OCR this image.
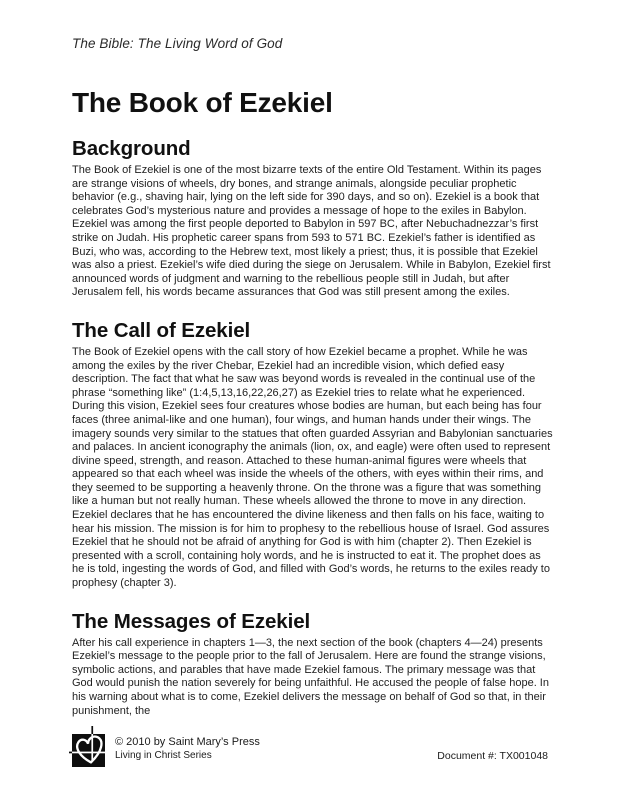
The Bible: The Living Word of God
The Book of Ezekiel
Background

The Book of Ezekiel is one of the most bizarre texts of the entire Old Testament. Within its pages are strange visions of wheels, dry bones, and strange animals, alongside peculiar prophetic behavior (e.g., shaving hair, lying on the left side for 390 days, and so on). Ezekiel is a book that celebrates God’s mysterious nature and provides a message of hope to the exiles in Babylon. Ezekiel was among the first people deported to Babylon in 597 BC, after Nebuchadnezzar’s first strike on Judah. His prophetic career spans from 593 to 571 BC. Ezekiel’s father is identified as Buzi, who was, according to the Hebrew text, most likely a priest; thus, it is possible that Ezekiel was also a priest. Ezekiel’s wife died during the siege on Jerusalem. While in Babylon, Ezekiel first announced words of judgment and warning to the rebellious people still in Judah, but after Jerusalem fell, his words became assurances that God was still present among the exiles.

The Call of Ezekiel

The Book of Ezekiel opens with the call story of how Ezekiel became a prophet. While he was among the exiles by the river Chebar, Ezekiel had an incredible vision, which defied easy description. The fact that what he saw was beyond words is revealed in the continual use of the phrase “something like” (1:4,5,13,16,22,26,27) as Ezekiel tries to relate what he experienced. During this vision, Ezekiel sees four creatures whose bodies are human, but each being has four faces (three animal-like and one human), four wings, and human hands under their wings. The imagery sounds very similar to the statues that often guarded Assyrian and Babylonian sanctuaries and palaces. In ancient iconography the animals (lion, ox, and eagle) were often used to represent divine speed, strength, and reason. Attached to these human-animal figures were wheels that appeared so that each wheel was inside the wheels of the others, with eyes within their rims, and they seemed to be supporting a heavenly throne. On the throne was a figure that was something like a human but not really human. These wheels allowed the throne to move in any direction. Ezekiel declares that he has encountered the divine likeness and then falls on his face, waiting to hear his mission. The mission is for him to prophesy to the rebellious house of Israel. God assures Ezekiel that he should not be afraid of anything for God is with him (chapter 2). Then Ezekiel is presented with a scroll, containing holy words, and he is instructed to eat it. The prophet does as he is told, ingesting the words of God, and filled with God’s words, he returns to the exiles ready to prophesy (chapter 3).

The Messages of Ezekiel

After his call experience in chapters 1—3, the next section of the book (chapters 4—24) presents Ezekiel’s message to the people prior to the fall of Jerusalem. Here are found the strange visions, symbolic actions, and parables that have made Ezekiel famous. The primary message was that God would punish the nation severely for being unfaithful. He accused the people of false hope. In his warning about what is to come, Ezekiel delivers the message on behalf of God so that, in their punishment, the

© 2010 by Saint Mary’s Press
Living in Christ Series	Document #: TX001048
